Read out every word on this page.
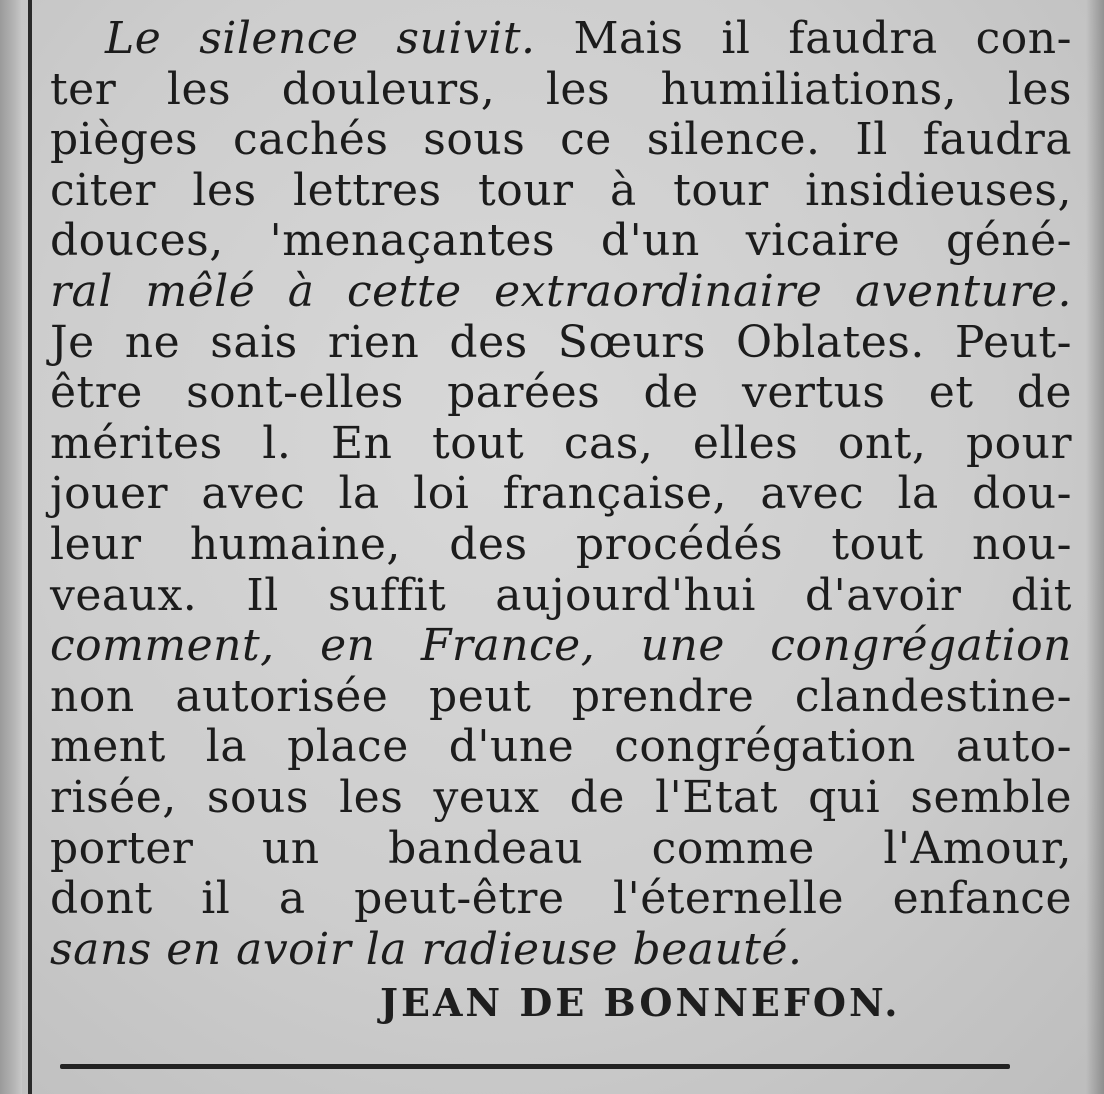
Le silence suivit. Mais il faudra con-
ter les douleurs, les humiliations, les
pièges cachés sous ce silence. Il faudra
citer les lettres tour à tour insidieuses,
douces, 'menaçantes d'un vicaire géné-
ral mêlé à cette extraordinaire aventure.
Je ne sais rien des Sœurs Oblates. Peut-
être sont-elles parées de vertus et de
mérites l. En tout cas, elles ont, pour
jouer avec la loi française, avec la dou-
leur humaine, des procédés tout nou-
veaux. Il suffit aujourd'hui d'avoir dit
comment, en France, une congrégation
non autorisée peut prendre clandestine-
ment la place d'une congrégation auto-
risée, sous les yeux de l'Etat qui semble
porter un bandeau comme l'Amour,
dont il a peut-être l'éternelle enfance
sans en avoir la radieuse beauté.
JEAN DE BONNEFON.
